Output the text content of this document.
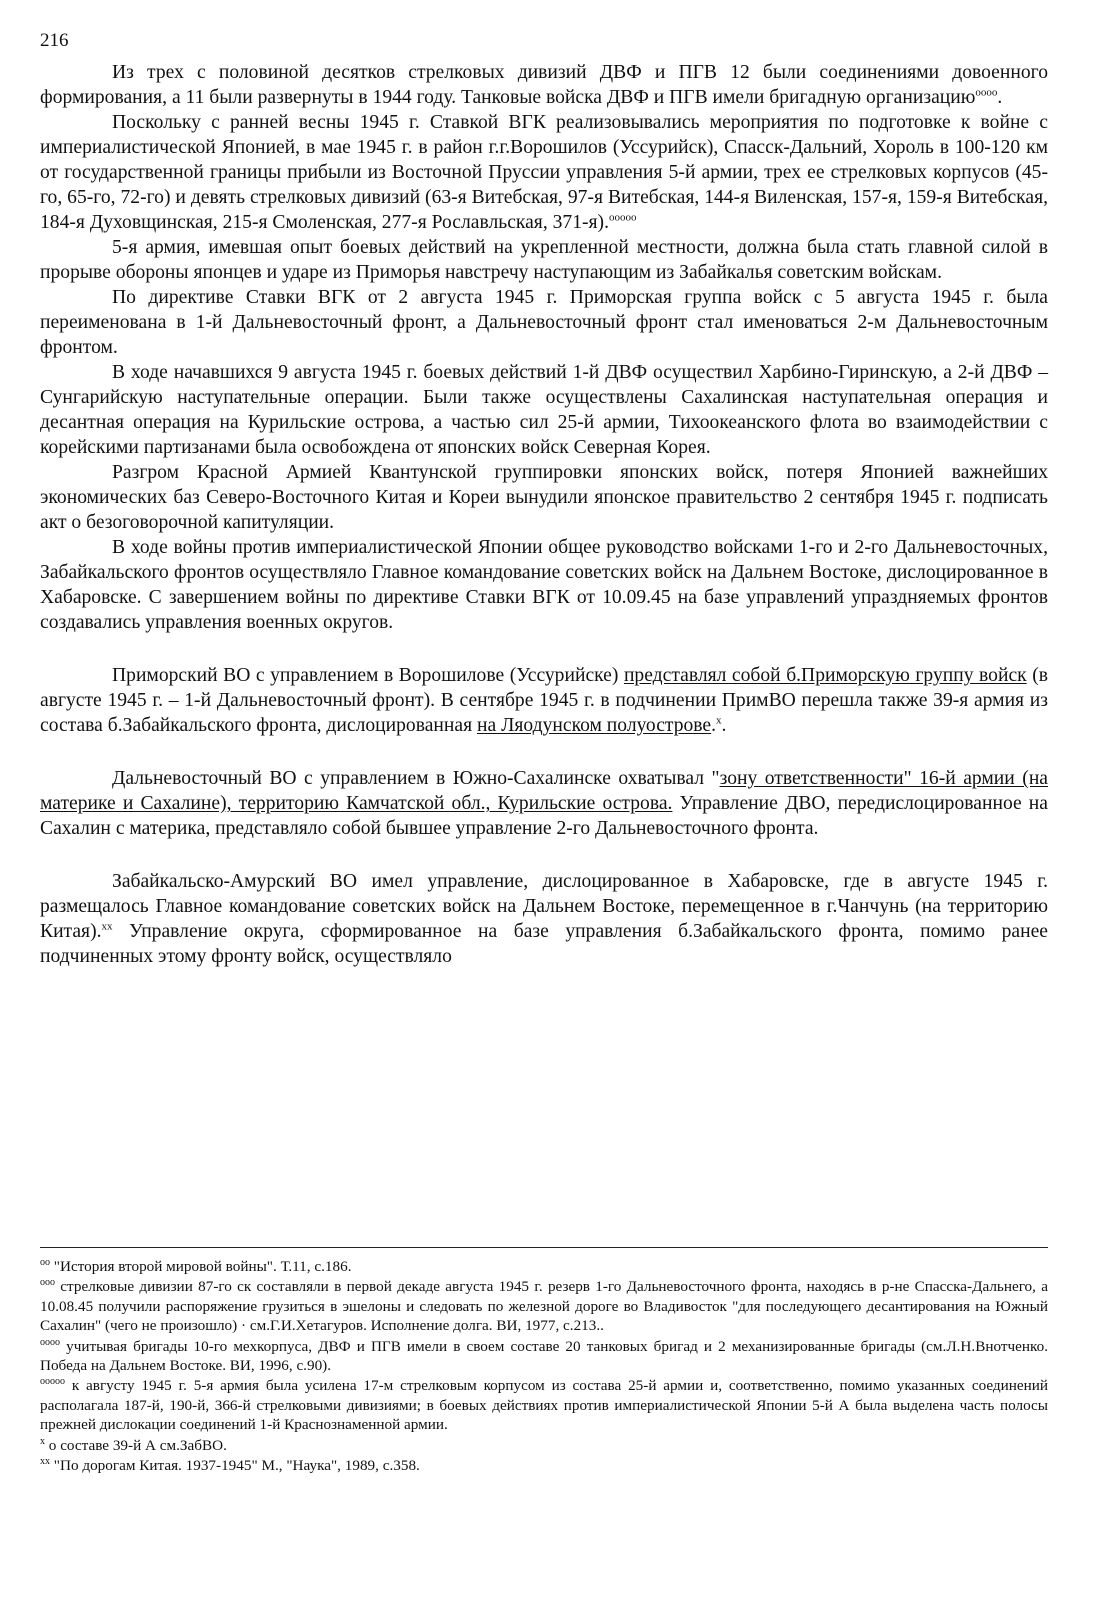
216

Из трех с половиной десятков стрелковых дивизий ДВФ и ПГВ 12 были соединениями довоенного формирования, а 11 были развернуты в 1944 году. Танковые войска ДВФ и ПГВ имели бригадную организацию$^{oooo}$.

Поскольку с ранней весны 1945 г. Ставкой ВГК реализовывались мероприятия по подготовке к войне с империалистической Японией, в мае 1945 г. в район г.г.Ворошилов (Уссурийск), Спасск-Дальний, Хороль в 100-120 км от государственной границы прибыли из Восточной Пруссии управления 5-й армии, трех ее стрелковых корпусов (45-го, 65-го, 72-го) и девять стрелковых дивизий (63-я Витебская, 97-я Витебская, 144-я Виленская, 157-я, 159-я Витебская, 184-я Духовщинская, 215-я Смоленская, 277-я Рославльская, 371-я).$^{ooooo}$

5-я армия, имевшая опыт боевых действий на укрепленной местности, должна была стать главной силой в прорыве обороны японцев и ударе из Приморья навстречу наступающим из Забайкалья советским войскам.

По директиве Ставки ВГК от 2 августа 1945 г. Приморская группа войск с 5 августа 1945 г. была переименована в 1-й Дальневосточный фронт, а Дальневосточный фронт стал именоваться 2-м Дальневосточным фронтом.

В ходе начавшихся 9 августа 1945 г. боевых действий 1-й ДВФ осуществил Харбино-Гиринскую, а 2-й ДВФ – Сунгарийскую наступательные операции. Были также осуществлены Сахалинская наступательная операция и десантная операция на Курильские острова, а частью сил 25-й армии, Тихоокеанского флота во взаимодействии с корейскими партизанами была освобождена от японских войск Северная Корея.

Разгром Красной Армией Квантунской группировки японских войск, потеря Японией важнейших экономических баз Северо-Восточного Китая и Кореи вынудили японское правительство 2 сентября 1945 г. подписать акт о безоговорочной капитуляции.

В ходе войны против империалистической Японии общее руководство войсками 1-го и 2-го Дальневосточных, Забайкальского фронтов осуществляло Главное командование советских войск на Дальнем Востоке, дислоцированное в Хабаровске. С завершением войны по директиве Ставки ВГК от 10.09.45 на базе управлений упраздняемых фронтов создавались управления военных округов.

Приморский ВО с управлением в Ворошилове (Уссурийске) представлял собой б.Приморскую группу войск (в августе 1945 г. – 1-й Дальневосточный фронт). В сентябре 1945 г. в подчинении ПримВО перешла также 39-я армия из состава б.Забайкальского фронта, дислоцированная на Ляодунском полуострове.$^x$.

Дальневосточный ВО с управлением в Южно-Сахалинске охватывал "зону ответственности" 16-й армии (на материке и Сахалине), территорию Камчатской обл., Курильские острова. Управление ДВО, передислоцированное на Сахалин с материка, представляло собой бывшее управление 2-го Дальневосточного фронта.

Забайкальско-Амурский ВО имел управление, дислоцированное в Хабаровске, где в августе 1945 г. размещалось Главное командование советских войск на Дальнем Востоке, перемещенное в г.Чанчунь (на территорию Китая).$^{xx}$ Управление округа, сформированное на базе управления б.Забайкальского фронта, помимо ранее подчиненных этому фронту войск, осуществляло

$^{oo}$ "История второй мировой войны". Т.11, с.186.

$^{ooo}$ стрелковые дивизии 87-го ск составляли в первой декаде августа 1945 г. резерв 1-го Дальневосточного фронта, находясь в р-не Спасска-Дальнего, а 10.08.45 получили распоряжение грузиться в эшелоны и следовать по железной дороге во Владивосток "для последующего десантирования на Южный Сахалин" (чего не произошло) · см.Г.И.Хетагуров. Исполнение долга. ВИ, 1977, с.213..

$^{oooo}$ учитывая бригады 10-го мехкорпуса, ДВФ и ПГВ имели в своем составе 20 танковых бригад и 2 механизированные бригады (см.Л.Н.Внотченко. Победа на Дальнем Востоке. ВИ, 1996, с.90).

$^{ooooo}$ к августу 1945 г. 5-я армия была усилена 17-м стрелковым корпусом из состава 25-й армии и, соответственно, помимо указанных соединений располагала 187-й, 190-й, 366-й стрелковыми дивизиями; в боевых действиях против империалистической Японии 5-й А была выделена часть полосы прежней дислокации соединений 1-й Краснознаменной армии.

$^x$ о составе 39-й А см.ЗабВО.

$^{xx}$ "По дорогам Китая. 1937-1945" М., "Наука", 1989, с.358.
